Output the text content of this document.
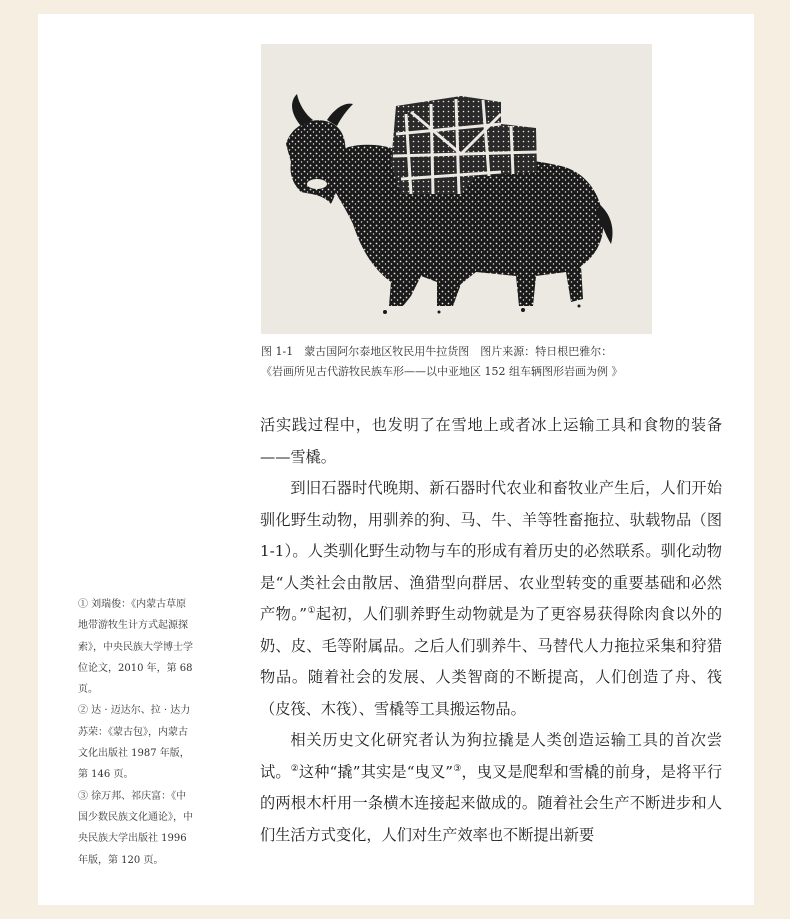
图 1-1　蒙古国阿尔泰地区牧民用牛拉货图　图片来源：特日根巴雅尔：
《岩画所见古代游牧民族车形——以中亚地区 152 组车辆图形岩画为例 》

活实践过程中，也发明了在雪地上或者冰上运输工具和食物的装备——雪橇。

到旧石器时代晚期、新石器时代农业和畜牧业产生后，人们开始驯化野生动物，用驯养的狗、马、牛、羊等牲畜拖拉、驮载物品（图 1-1）。人类驯化野生动物与车的形成有着历史的必然联系。驯化动物是“人类社会由散居、渔猎型向群居、农业型转变的重要基础和必然产物。”①起初，人们驯养野生动物就是为了更容易获得除肉食以外的奶、皮、毛等附属品。之后人们驯养牛、马替代人力拖拉采集和狩猎物品。随着社会的发展、人类智商的不断提高，人们创造了舟、筏（皮筏、木筏）、雪橇等工具搬运物品。

相关历史文化研究者认为狗拉撬是人类创造运输工具的首次尝试。②这种“撬”其实是“曳叉”③，曳叉是爬犁和雪橇的前身，是将平行的两根木杆用一条横木连接起来做成的。随着社会生产不断进步和人们生活方式变化，人们对生产效率也不断提出新要

① 刘瑞俊：《内蒙古草原地带游牧生计方式起源探索》，中央民族大学博士学位论文，2010 年，第 68 页。

② 达 · 迈达尔、拉 · 达力苏荣：《蒙古包》，内蒙古文化出版社 1987 年版，第 146 页。

③ 徐万邦、祁庆富：《中国少数民族文化通论》，中央民族大学出版社 1996 年版，第 120 页。
